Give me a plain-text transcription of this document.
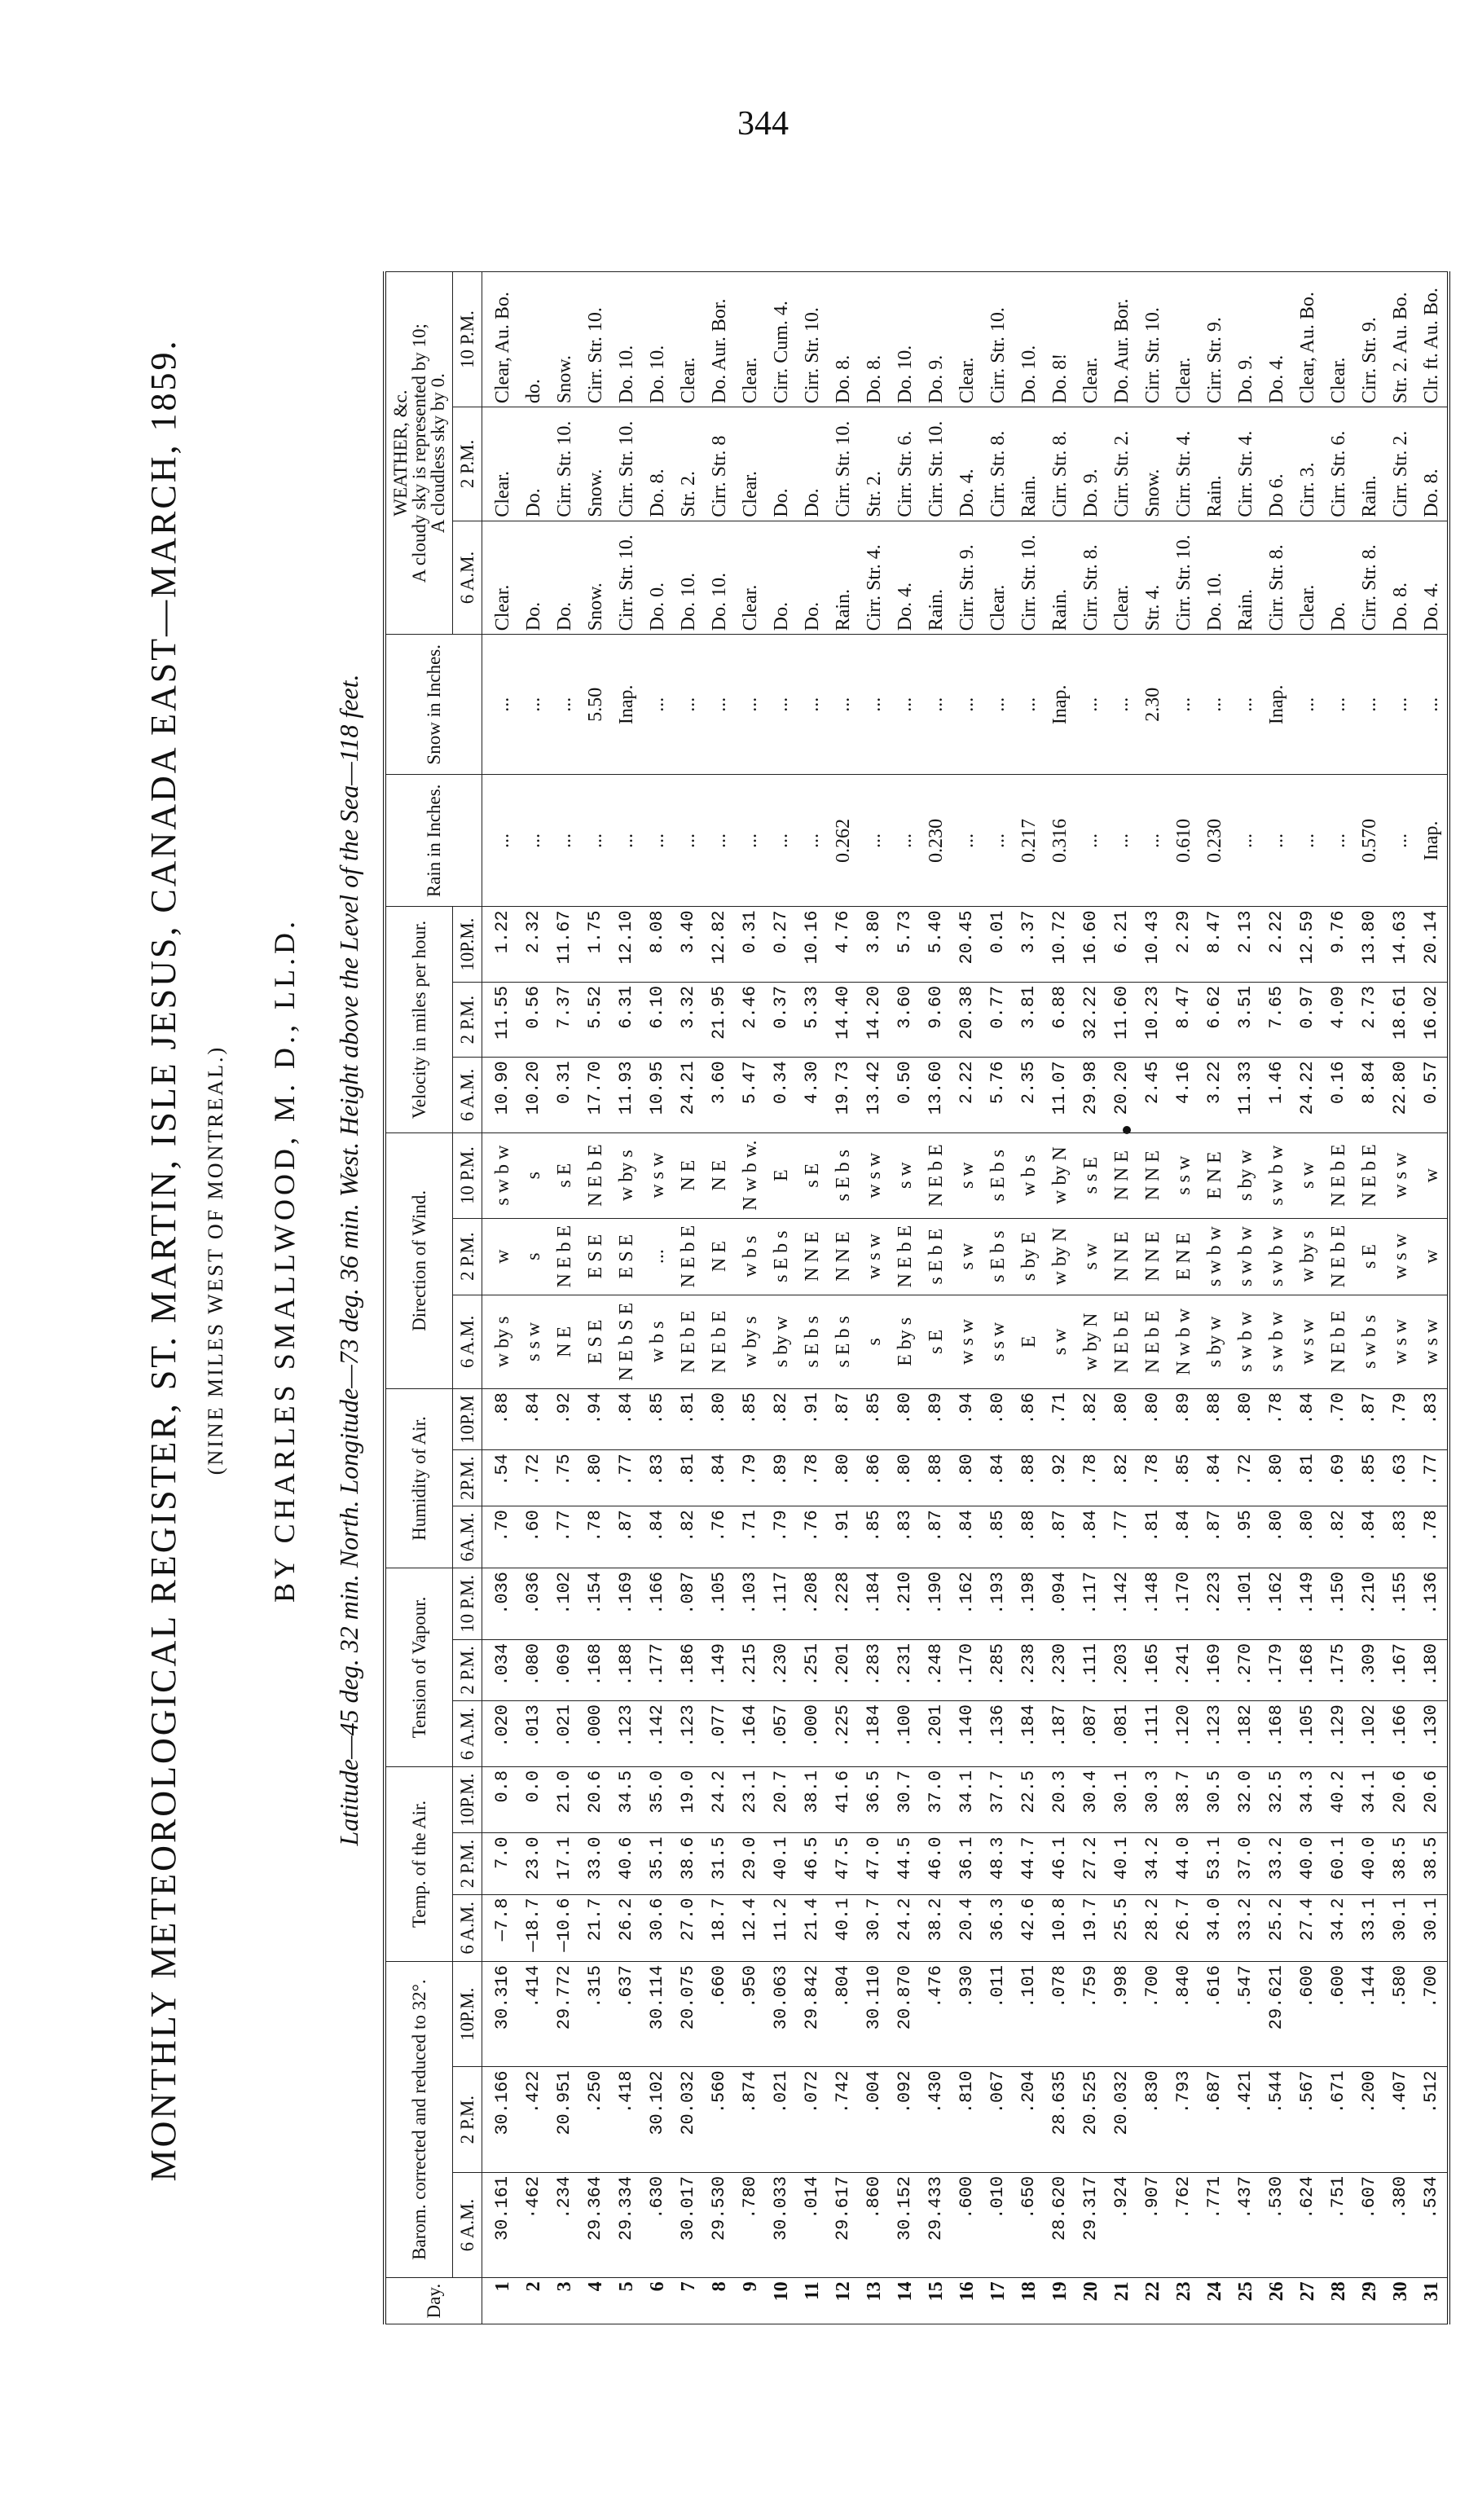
344
MONTHLY METEOROLOGICAL REGISTER, ST. MARTIN, ISLE JESUS, CANADA EAST—MARCH, 1859. (NINE MILES WEST OF MONTREAL.) BY CHARLES SMALLWOOD, M. D., LL.D. Latitude—45 deg. 32 min. North. Longitude—73 deg. 36 min. West. Height above the Level of the Sea—118 feet.
Day.	Barom. corrected and reduced to 32°.			Temp. of the Air.			Tension of Vapour.			Humidity of Air.			Direction of Wind.			Velocity in miles per hour.			Rain in Inches.	Snow in Inches.	WEATHER, &c.
A cloudy sky is represented by 10;
A cloudless sky by 0.		

	6 A.M.	2 P.M.	10P.M.	6 A.M.	2 P.M.	10P.M.	6 A.M.	2 P.M.	10 P.M.	6A.M.	2P.M.	10P.M	6 A.M.	2 P.M.	10 P.M.	6 A.M.	2 P.M.	10P.M.			6 A.M.	2 P.M.	10 P.M.
1	30.161	30.166	30.316	—7.8	7.0	0.8	.020	.034	.036	.70	.54	.88	w by s	w	s w b w	10.90	11.55	1.22	...	...	Clear.	Clear.	Clear, Au. Bo.
2	·462	.422	.414	—18.7	23.0	0.0	.013	.080	.036	.60	.72	.84	s s w	s	s	10.20	0.56	2.32	...	...	Do.	Do.	do.
3	.234	20.951	29.772	—10.6	17.1	21.0	.021	.069	.102	.77	.75	.92	N E	N E b E	s E	0.31	7.37	11.67	...	...	Do.	Cirr. Str. 10.	Snow.
4	29.364	.250	.315	21.7	33.0	20.6	.000	.168	.154	.78	.80	.94	E S E	E S E	N E b E	17.70	5.52	1.75	...	5.50	Snow.	Snow.	Cirr. Str. 10.
5	29.334	.418	.637	26.2	40.6	34.5	.123	.188	.169	.87	.77	.84	N E b S E	E S E	w by s	11.93	6.31	12.10	...	Inap.	Cirr. Str. 10.	Cirr. Str. 10.	Do. 10.
6	.630	30.102	30.114	30.6	35.1	35.0	.142	.177	.166	.84	.83	.85	w b s	...	w s w	10.95	6.10	8.08	...	...	Do. 0.	Do. 8.	Do. 10.
7	30.017	20.032	20.075	27.0	38.6	19.0	.123	.186	.087	.82	.81	.81	N E b E	N E b E	N E	24.21	3.32	3.40	...	...	Do. 10.	Str. 2.	Clear.
8	29.530	.560	.660	18.7	31.5	24.2	.077	.149	.105	.76	.84	.80	N E b E	N E	N E	3.60	21.95	12.82	...	...	Do. 10.	Cirr. Str. 8	Do. Aur. Bor.
9	.780	.874	.950	12.4	29.0	23.1	.164	.215	.103	.71	.79	.85	w by s	w b s	N w b w.	5.47	2.46	0.31	...	...	Clear.	Clear.	Clear.
10	30.033	.021	30.063	11.2	40.1	20.7	.057	.230	.117	.79	.89	.82	s by w	s E b s	E	0.34	0.37	0.27	...	...	Do.	Do.	Cirr. Cum. 4.
11	.014	.072	29.842	21.4	46.5	38.1	.000	.251	.208	.76	.78	.91	s E b s	N N E	s E	4.30	5.33	10.16	...	...	Do.	Do.	Cirr. Str. 10.
12	29.617	.742	.804	40.1	47.5	41.6	.225	.201	.228	.91	.80	.87	s E b s	N N E	s E b s	19.73	14.40	4.76	0.262	...	Rain.	Cirr. Str. 10.	Do. 8.
13	.860	.004	30.110	30.7	47.0	36.5	.184	.283	.184	.85	.86	.85	s	w s w	w s w	13.42	14.20	3.80	...	...	Cirr. Str. 4.	Str. 2.	Do. 8.
14	30.152	.092	20.870	24.2	44.5	30.7	.100	.231	.210	.83	.80	.80	E by s	N E b E	s w	0.50	3.60	5.73	...	...	Do. 4.	Cirr. Str. 6.	Do. 10.
15	29.433	.430	.476	38.2	46.0	37.0	.201	.248	.190	.87	.88	.89	s E	s E b E	N E b E	13.60	9.60	5.40	0.230	...	Rain.	Cirr. Str. 10.	Do. 9.
16	.600	.810	.930	20.4	36.1	34.1	.140	.170	.162	.84	.80	.94	w s w	s w	s w	2.22	20.38	20.45	...	...	Cirr. Str. 9.	Do. 4.	Clear.
17	.010	.067	.011	36.3	48.3	37.7	.136	.285	.193	.85	.84	.80	s s w	s E b s	s E b s	5.76	0.77	0.01	...	...	Clear.	Cirr. Str. 8.	Cirr. Str. 10.
18	.650	.204	.101	42.6	44.7	22.5	.184	.238	.198	.88	.88	.86	E	s by E	w b s	2.35	3.81	3.37	0.217	...	Cirr. Str. 10.	Rain.	Do. 10.
19	28.620	28.635	.078	10.8	46.1	20.3	.187	.230	.094	.87	.92	.71	s w	w by N	w by N	11.07	6.88	10.72	0.316	Inap.	Rain.	Cirr. Str. 8.	Do. 8!
20	29.317	20.525	.759	19.7	27.2	30.4	.087	.111	.117	.84	.78	.82	w by N	s w	s s E	29.98	32.22	16.60	...	...	Cirr. Str. 8.	Do. 9.	Clear.
21	.924	20.032	.998	25.5	40.1	30.1	.081	.203	.142	.77	.82	.80	N E b E	N N E	N N E	20.20	11.60	6.21	...	...	Clear.	Cirr. Str. 2.	Do. Aur. Bor.
22	.907	.830	.700	28.2	34.2	30.3	.111	.165	.148	.81	.78	.80	N E b E	N N E	N N E	2.45	10.23	10.43	...	2.30	Str. 4.	Snow.	Cirr. Str. 10.
23	.762	.793	.840	26.7	44.0	38.7	.120	.241	.170	.84	.85	.89	N w b w	E N E	s s w	4.16	8.47	2.29	0.610	...	Cirr. Str. 10.	Cirr. Str. 4.	Clear.
24	.771	.687	.616	34.0	53.1	30.5	.123	.169	.223	.87	.84	.88	s by w	s w b w	E N E	3.22	6.62	8.47	0.230	...	Do. 10.	Rain.	Cirr. Str. 9.
25	.437	.421	.547	33.2	37.0	32.0	.182	.270	.101	.95	.72	.80	s w b w	s w b w	s by w	11.33	3.51	2.13	...	...	Rain.	Cirr. Str. 4.	Do. 9.
26	.530	.544	29.621	25.2	33.2	32.5	.168	.179	.162	.80	.80	.78	s w b w	s w b w	s w b w	1.46	7.65	2.22	...	Inap.	Cirr. Str. 8.	Do 6.	Do. 4.
27	.624	.567	.600	27.4	40.0	34.3	.105	.168	.149	.80	.81	.84	w s w	w by s	s w	24.22	0.97	12.59	...	...	Clear.	Cirr. 3.	Clear, Au. Bo.
28	.751	.671	.600	34.2	60.1	40.2	.129	.175	.150	.82	.69	.70	N E b E	N E b E	N E b E	0.16	4.09	9.76	...	...	Do.	Cirr. Str. 6.	Clear.
29	.607	.200	.144	33.1	40.0	34.1	.102	.309	.210	.84	.85	.87	s w b s	s E	N E b E	8.84	2.73	13.80	0.570	...	Cirr. Str. 8.	Rain.	Cirr. Str. 9.
30	.380	.407	.580	30.1	38.5	20.6	.166	.167	.155	.83	.63	.79	w s w	w s w	w s w	22.80	18.61	14.63	...	...	Do. 8.	Cirr. Str. 2.	Str. 2. Au. Bo.
31	.534	.512	.700	30.1	38.5	20.6	.130	.180	.136	.78	.77	.83	w s w	w	w	0.57	16.02	20.14	Inap.	...	Do. 4.	Do. 8.	Clr. ft. Au. Bo.
